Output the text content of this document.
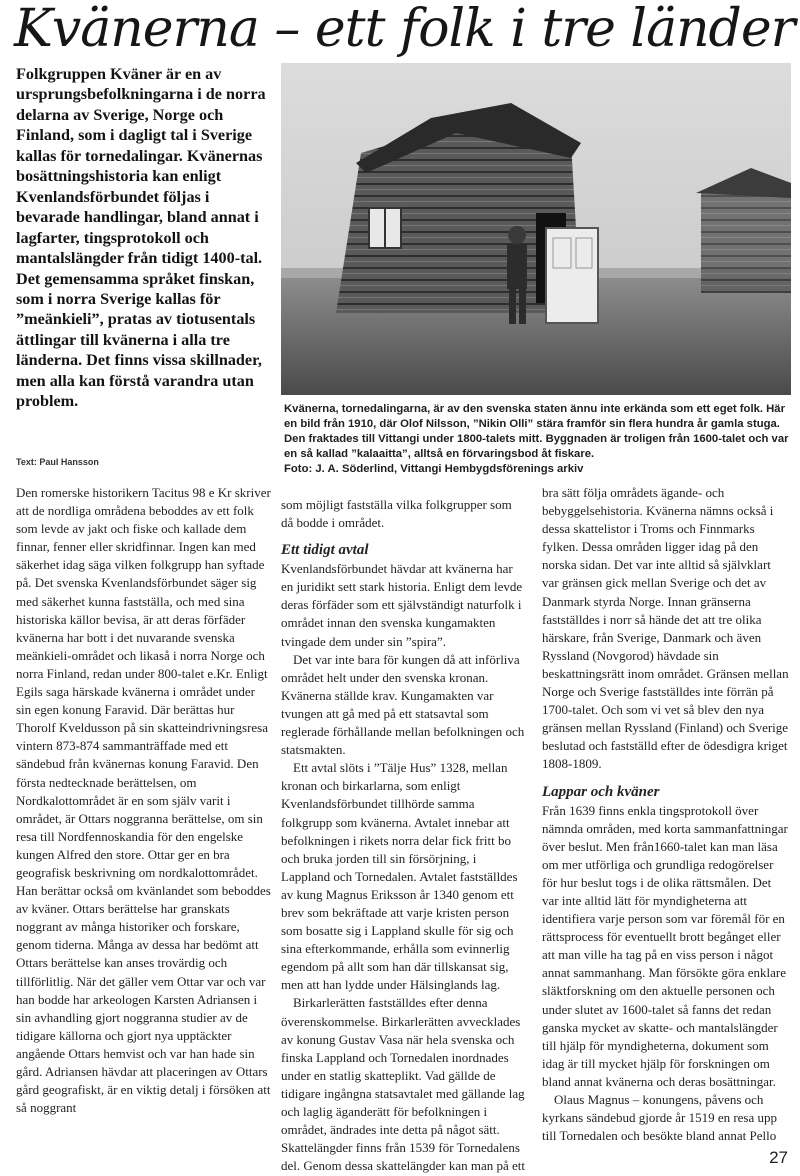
Kvänerna – ett folk i tre länder

Folkgruppen Kväner är en av ursprungsbefolkningarna i de norra delarna av Sverige, Norge och Finland, som i dagligt tal i Sverige kallas för tornedalingar. Kvänernas bosättningshistoria kan enligt Kvenlandsförbundet följas i bevarade handlingar, bland annat i lagfarter, tingsprotokoll och mantalslängder från tidigt 1400-tal.

Det gemensamma språket finskan, som i norra Sverige kallas för ”meänkieli”, pratas av tiotusentals ättlingar till kvänerna i alla tre länderna. Det finns vissa skillnader, men alla kan förstå varandra utan problem.	Kvänerna, tornedalingarna, är av den svenska staten ännu inte erkända som ett eget folk. Här en bild från 1910, där Olof Nilsson, ”Nikin Olli” stära framför sin flera hundra år gamla stuga. Den fraktades till Vittangi under 1800-talets mitt. Byggnaden är troligen från 1600-talet och var en så kallad ”kalaaitta”, alltså en förvaringsbod åt fiskare.

Foto: J. A. Söderlind, Vittangi Hembygdsförenings arkiv

Text: Paul Hansson

Den romerske historikern Tacitus 98 e Kr skriver att de nordliga områdena beboddes av ett folk som levde av jakt och fiske och kallade dem finnar, fenner eller skridfinnar. Ingen kan med säkerhet idag säga vilken folkgrupp han syftade på. Det svenska Kvenlandsförbundet säger sig med säkerhet kunna fastställa, och med sina historiska källor bevisa, är att deras förfäder kvänerna har bott i det nuvarande svenska meänkieli-området och likaså i norra Norge och norra Finland, redan under 800-talet e.Kr. Enligt Egils saga härskade kvänerna i området under sin egen konung Faravid. Där berättas hur Thorolf Kveldusson på sin skatteindrivningsresa vintern 873-874 sammanträffade med ett sändebud från kvänernas konung Faravid. Den första nedtecknade berättelsen, om Nordkalottområdet är en som själv varit i området, är Ottars noggranna berättelse, om sin resa till Nordfennoskandia för den engelske kungen Alfred den store. Ottar ger en bra geografisk beskrivning om nordkalottområdet. Han berättar också om kvänlandet som beboddes av kväner. Ottars berättelse har granskats noggrant av många historiker och forskare, genom tiderna. Många av dessa har bedömt att Ottars berättelse kan anses trovärdig och tillförlitlig. När det gäller vem Ottar var och var han bodde har arkeologen Karsten Adriansen i sin avhandling gjort noggranna studier av de tidigare källorna och gjort nya upptäckter angående Ottars hemvist och var han hade sin gård. Adriansen hävdar att placeringen av Ottars gård geografiskt, är en viktig detalj i försöken att så noggrant

som möjligt fastställa vilka folkgrupper som då bodde i området.

Ett tidigt avtal

Kvenlandsförbundet hävdar att kvänerna har en juridikt sett stark historia. Enligt dem levde deras förfäder som ett självständigt naturfolk i området innan den svenska kungamakten tvingade dem under sin ”spira”.

Det var inte bara för kungen då att införliva området helt under den svenska kronan. Kvänerna ställde krav. Kungamakten var tvungen att gå med på ett statsavtal som reglerade förhållande mellan befolkningen och statsmakten.

Ett avtal slöts i ”Tälje Hus” 1328, mellan kronan och birkarlarna, som enligt Kvenlandsförbundet tillhörde samma folkgrupp som kvänerna. Avtalet innebar att befolkningen i rikets norra delar fick fritt bo och bruka jorden till sin försörjning, i Lappland och Tornedalen. Avtalet fastställdes av kung Magnus Eriksson år 1340 genom ett brev som bekräftade att varje kristen person som bosatte sig i Lappland skulle för sig och sina efterkommande, erhålla som evinnerlig egendom på allt som han där tillskansat sig, men att han lydde under Hälsinglands lag.

Birkarlerätten fastställdes efter denna överenskommelse. Birkarlerätten avvecklades av konung Gustav Vasa när hela svenska och finska Lappland och Tornedalen inordnades under en statlig skatteplikt. Vad gällde de tidigare ingångna statsavtalet med gällande lag och laglig äganderätt för befolkningen i området, ändrades inte detta på något sätt. Skattelängder finns från 1539 för Tornedalens del. Genom dessa skattelängder kan man på ett

bra sätt följa områdets ägande- och bebyggelsehistoria. Kvänerna nämns också i dessa skattelistor i Troms och Finnmarks fylken. Dessa områden ligger idag på den norska sidan. Det var inte alltid så självklart var gränsen gick mellan Sverige och det av Danmark styrda Norge. Innan gränserna fastställdes i norr så hände det att tre olika härskare, från Sverige, Danmark och även Ryssland (Novgorod) hävdade sin beskattningsrätt inom området. Gränsen mellan Norge och Sverige fastställdes inte förrän på 1700-talet. Och som vi vet så blev den nya gränsen mellan Ryssland (Finland) och Sverige beslutad och fastställd efter de ödesdigra kriget 1808-1809.

Lappar och kväner

Från 1639 finns enkla tingsprotokoll över nämnda områden, med korta sammanfattningar över beslut. Men från1660-talet kan man läsa om mer utförliga och grundliga redogörelser för hur beslut togs i de olika rättsmålen. Det var inte alltid lätt för myndigheterna att identifiera varje person som var föremål för en rättsprocess för eventuellt brott begånget eller att man ville ha tag på en viss person i något annat sammanhang. Man försökte göra enklare släktforskning om den aktuelle personen och under slutet av 1600-talet så fanns det redan ganska mycket av skatte- och mantalslängder till hjälp för myndigheterna, dokument som idag är till mycket hjälp för forskningen om bland annat kvänerna och deras bosättningar.

Olaus Magnus – konungens, påvens och kyrkans sändebud gjorde år 1519 en resa upp till Tornedalen och besökte bland annat Pello

27
